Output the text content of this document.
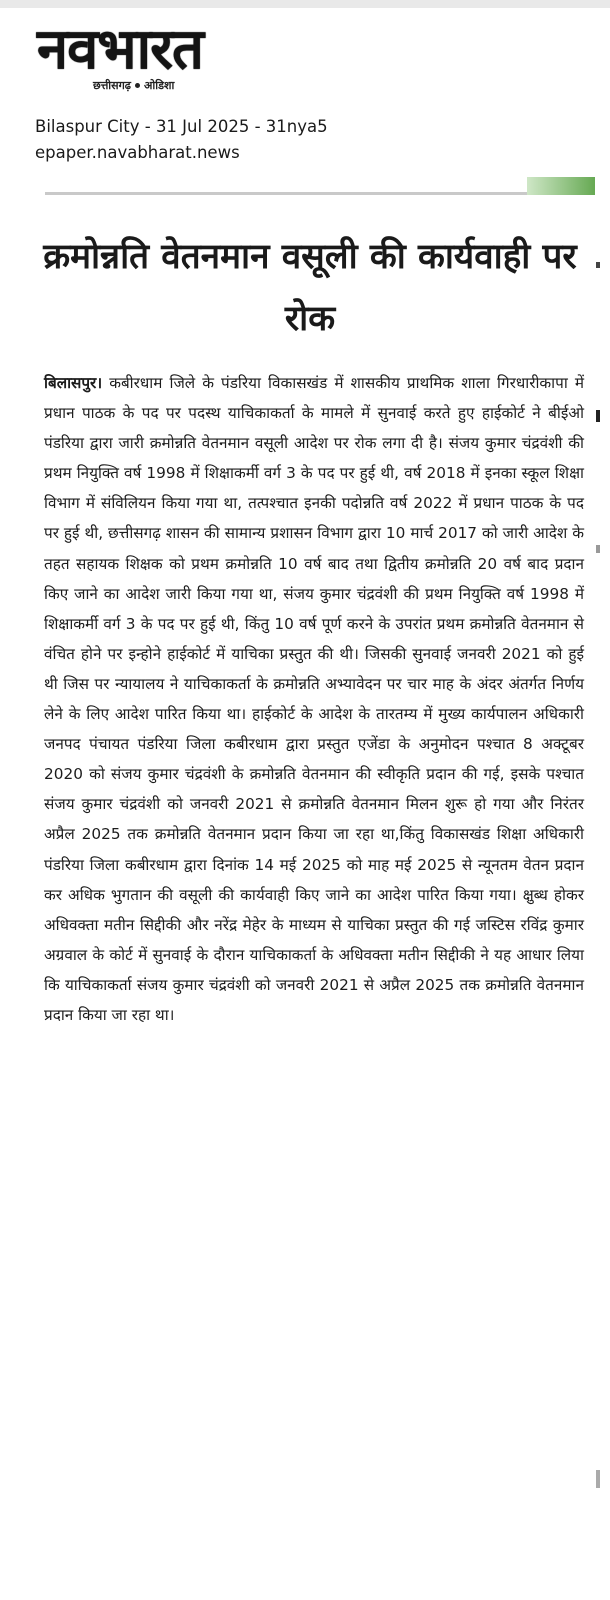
नवभारत
छत्तीसगढ़ ओडिशा
Bilaspur City - 31 Jul 2025 - 31nya5
epaper.navabharat.news
क्रमोन्नति वेतनमान वसूली की कार्यवाही पर रोक
बिलासपुर। कबीरधाम जिले के पंडरिया विकासखंड में शासकीय प्राथमिक शाला गिरधारीकापा में प्रधान पाठक के पद पर पदस्थ याचिकाकर्ता के मामले में सुनवाई करते हुए हाईकोर्ट ने बीईओ पंडरिया द्वारा जारी क्रमोन्नति वेतनमान वसूली आदेश पर रोक लगा दी है। संजय कुमार चंद्रवंशी की प्रथम नियुक्ति वर्ष 1998 में शिक्षाकर्मी वर्ग 3 के पद पर हुई थी, वर्ष 2018 में इनका स्कूल शिक्षा विभाग में संविलियन किया गया था, तत्पश्चात इनकी पदोन्नति वर्ष 2022 में प्रधान पाठक के पद पर हुई थी, छत्तीसगढ़ शासन की सामान्य प्रशासन विभाग द्वारा 10 मार्च 2017 को जारी आदेश के तहत सहायक शिक्षक को प्रथम क्रमोन्नति 10 वर्ष बाद तथा द्वितीय क्रमोन्नति 20 वर्ष बाद प्रदान किए जाने का आदेश जारी किया गया था, संजय कुमार चंद्रवंशी की प्रथम नियुक्ति वर्ष 1998 में शिक्षाकर्मी वर्ग 3 के पद पर हुई थी, किंतु 10 वर्ष पूर्ण करने के उपरांत प्रथम क्रमोन्नति वेतनमान से वंचित होने पर इन्होने हाईकोर्ट में याचिका प्रस्तुत की थी। जिसकी सुनवाई जनवरी 2021 को हुई थी जिस पर न्यायालय ने याचिकाकर्ता के क्रमोन्नति अभ्यावेदन पर चार माह के अंदर अंतर्गत निर्णय लेने के लिए आदेश पारित किया था। हाईकोर्ट के आदेश के तारतम्य में मुख्य कार्यपालन अधिकारी जनपद पंचायत पंडरिया जिला कबीरधाम द्वारा प्रस्तुत एजेंडा के अनुमोदन पश्चात 8 अक्टूबर 2020 को संजय कुमार चंद्रवंशी के क्रमोन्नति वेतनमान की स्वीकृति प्रदान की गई, इसके पश्चात संजय कुमार चंद्रवंशी को जनवरी 2021 से क्रमोन्नति वेतनमान मिलन शुरू हो गया और निरंतर अप्रैल 2025 तक क्रमोन्नति वेतनमान प्रदान किया जा रहा था,किंतु विकासखंड शिक्षा अधिकारी पंडरिया जिला कबीरधाम द्वारा दिनांक 14 मई 2025 को माह मई 2025 से न्यूनतम वेतन प्रदान कर अधिक भुगतान की वसूली की कार्यवाही किए जाने का आदेश पारित किया गया। क्षुब्ध होकर अधिवक्ता मतीन सिद्दीकी और नरेंद्र मेहेर के माध्यम से याचिका प्रस्तुत की गई जस्टिस रविंद्र कुमार अग्रवाल के कोर्ट में सुनवाई के दौरान याचिकाकर्ता के अधिवक्ता मतीन सिद्दीकी ने यह आधार लिया कि याचिकाकर्ता संजय कुमार चंद्रवंशी को जनवरी 2021 से अप्रैल 2025 तक क्रमोन्नति वेतनमान प्रदान किया जा रहा था।
